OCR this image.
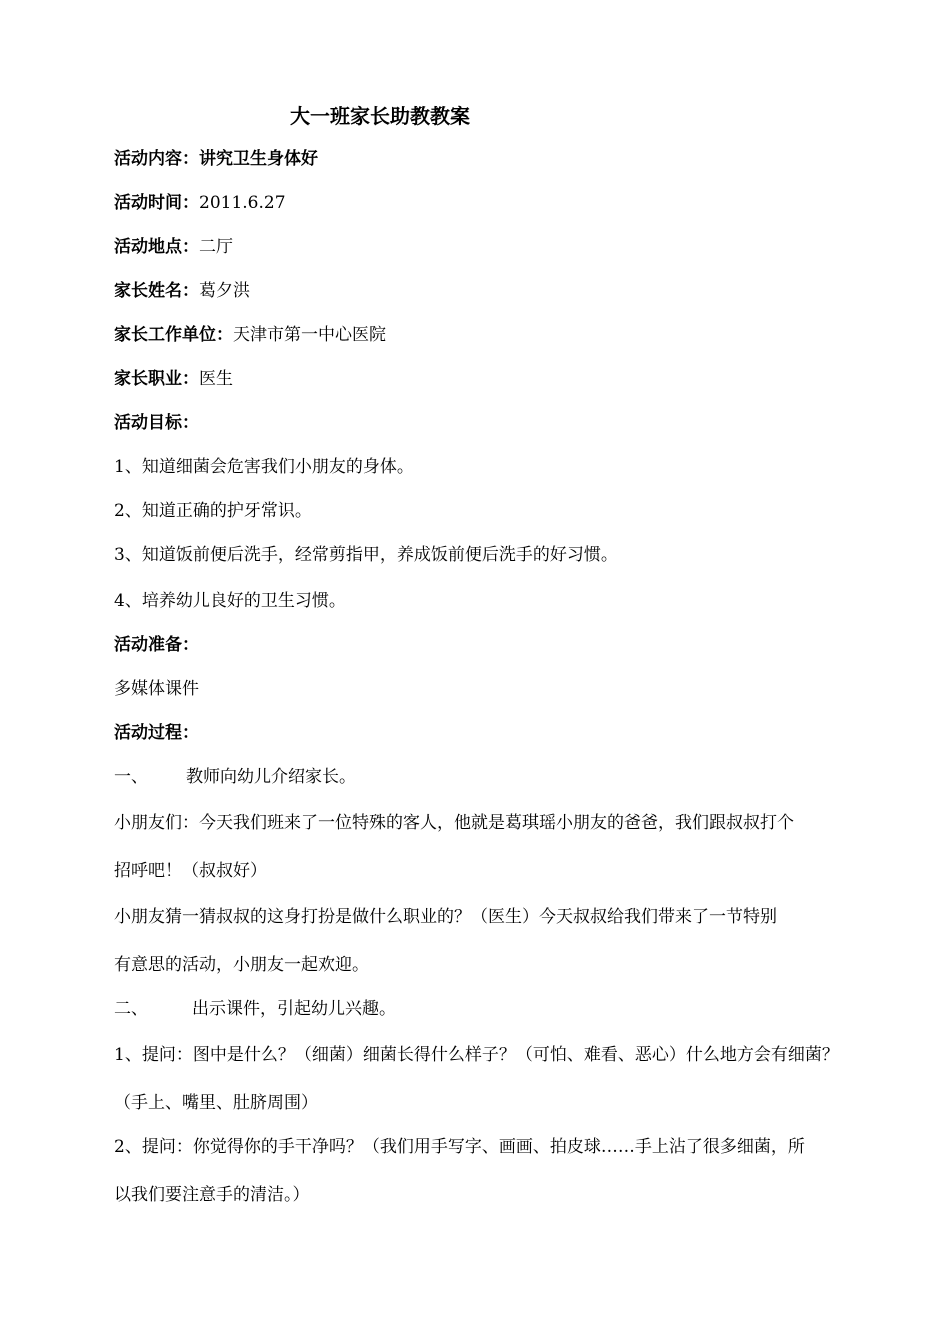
大一班家长助教教案
活动内容：讲究卫生身体好
活动时间：2011.6.27
活动地点：二厅
家长姓名：葛夕洪
家长工作单位：天津市第一中心医院
家长职业：医生
活动目标：
1、知道细菌会危害我们小朋友的身体。
2、知道正确的护牙常识。
3、知道饭前便后洗手，经常剪指甲，养成饭前便后洗手的好习惯。
4、培养幼儿良好的卫生习惯。
活动准备：
多媒体课件
活动过程：
一、 教师向幼儿介绍家长。
小朋友们：今天我们班来了一位特殊的客人，他就是葛琪瑶小朋友的爸爸，我们跟叔叔打个
招呼吧！（叔叔好）
小朋友猜一猜叔叔的这身打扮是做什么职业的？（医生）今天叔叔给我们带来了一节特别
有意思的活动，小朋友一起欢迎。
二、	出示课件，引起幼儿兴趣。
1、提问：图中是什么？（细菌）细菌长得什么样子？（可怕、难看、恶心）什么地方会有细菌？
（手上、嘴里、肚脐周围）
2、提问：你觉得你的手干净吗？（我们用手写字、画画、拍皮球……手上沾了很多细菌，所
以我们要注意手的清洁。）
